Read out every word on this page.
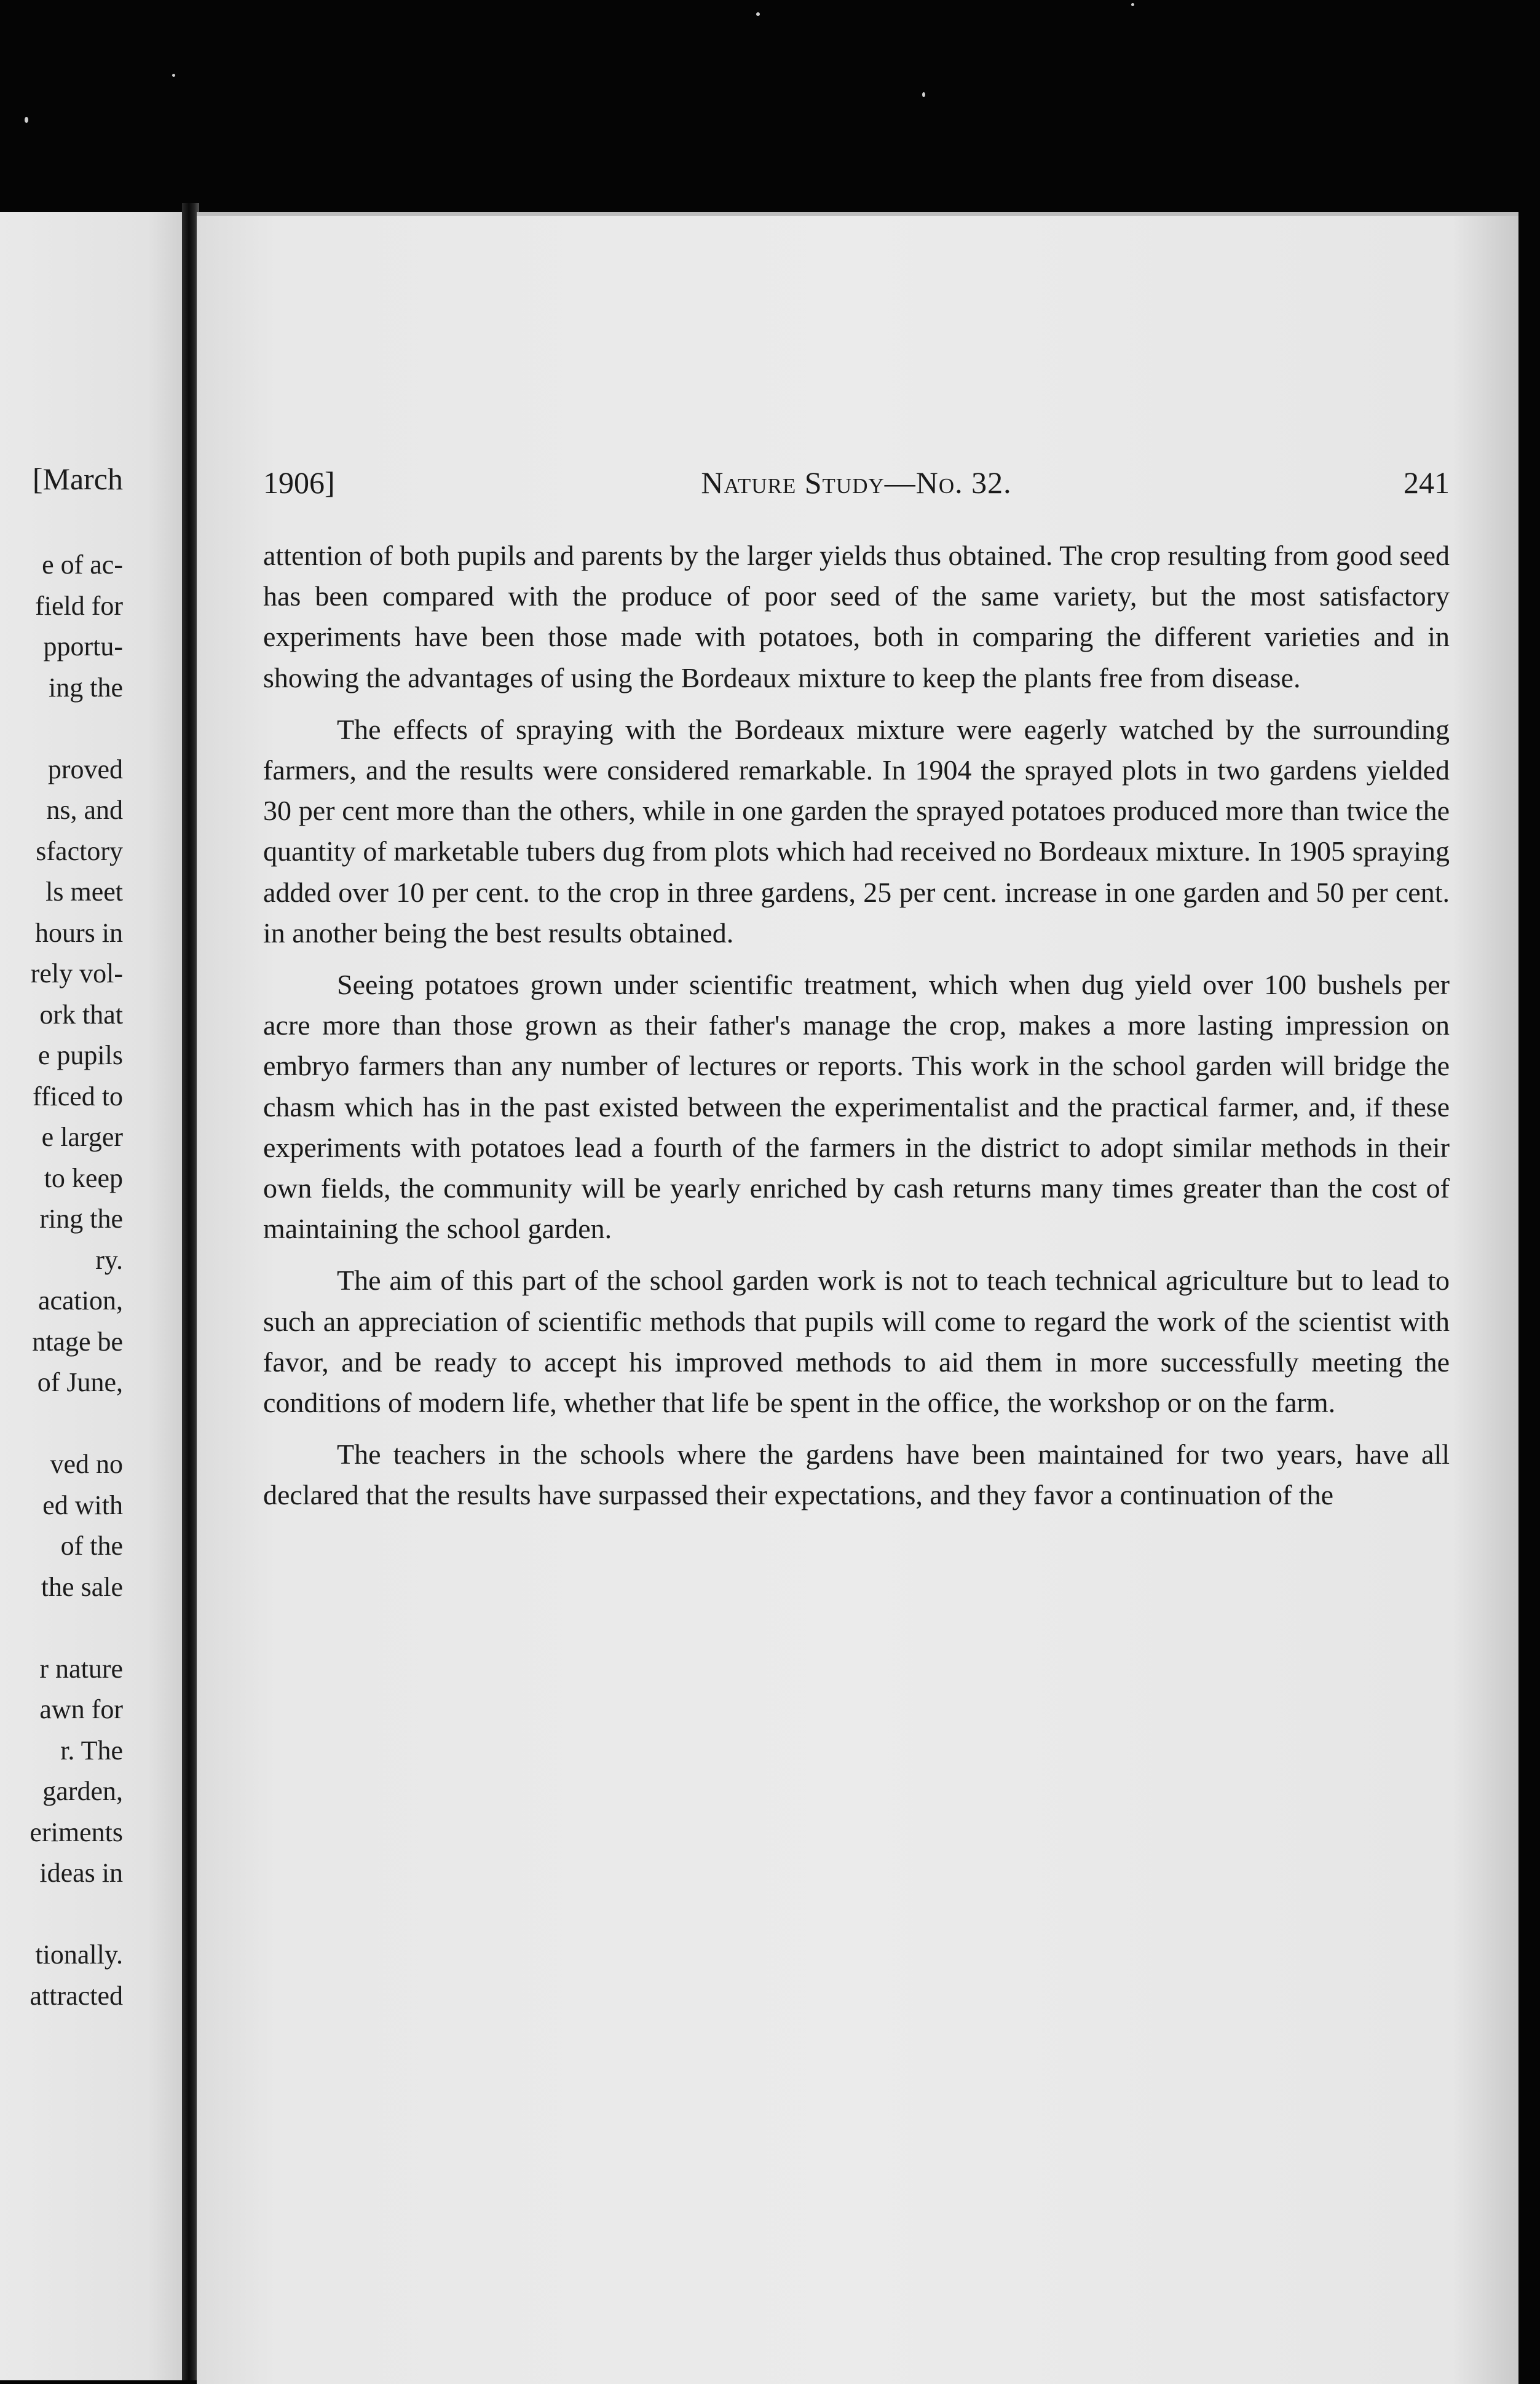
[March
e of ac-
field for
pportu-
ing the
proved
ns, and
sfactory
ls meet
hours in
rely vol-
ork that
e pupils
fficed to
e larger
to keep
ring the
ry.
acation,
ntage be
of June,
ved no
ed with
of the
the sale
r nature
awn for
r. The
garden,
eriments
ideas in
tionally.
attracted
1906]	Nature Study—No. 32.	241

attention of both pupils and parents by the larger yields thus obtained. The crop resulting from good seed has been compared with the produce of poor seed of the same variety, but the most satisfactory experiments have been those made with potatoes, both in comparing the different varieties and in showing the advantages of using the Bordeaux mixture to keep the plants free from disease.

The effects of spraying with the Bordeaux mixture were eagerly watched by the surrounding farmers, and the results were considered remarkable. In 1904 the sprayed plots in two gardens yielded 30 per cent more than the others, while in one garden the sprayed potatoes produced more than twice the quantity of marketable tubers dug from plots which had received no Bordeaux mixture. In 1905 spraying added over 10 per cent. to the crop in three gardens, 25 per cent. increase in one garden and 50 per cent. in another being the best results obtained.

Seeing potatoes grown under scientific treatment, which when dug yield over 100 bushels per acre more than those grown as their father's manage the crop, makes a more lasting impression on embryo farmers than any number of lectures or reports. This work in the school garden will bridge the chasm which has in the past existed between the experimentalist and the practical farmer, and, if these experiments with potatoes lead a fourth of the farmers in the district to adopt similar methods in their own fields, the community will be yearly enriched by cash returns many times greater than the cost of maintaining the school garden.

The aim of this part of the school garden work is not to teach technical agriculture but to lead to such an appreciation of scientific methods that pupils will come to regard the work of the scientist with favor, and be ready to accept his improved methods to aid them in more successfully meeting the conditions of modern life, whether that life be spent in the office, the workshop or on the farm.

The teachers in the schools where the gardens have been maintained for two years, have all declared that the results have surpassed their expectations, and they favor a continuation of the
